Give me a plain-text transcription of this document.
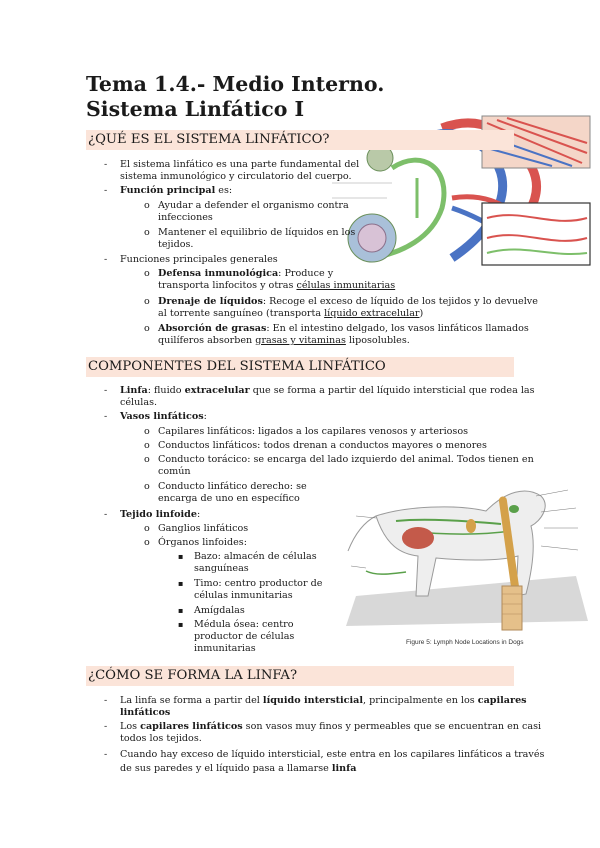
Tema 1.4.- Medio Interno. Sistema Linfático I
¿QUÉ ES EL SISTEMA LINFÁTICO?
- El sistema linfático es una parte fundamental del
sistema inmunológico y circulatorio del cuerpo.
- Función principal es:
o Ayudar a defender el organismo contra
infecciones
o Mantener el equilibrio de líquidos en los
tejidos.
- Funciones principales generales
o Defensa inmunológica: Produce y
transporta linfocitos y otras células inmunitarias
o Drenaje de líquidos: Recoge el exceso de líquido de los tejidos y lo devuelve
al torrente sanguíneo (transporta líquido extracelular)
o Absorción de grasas: En el intestino delgado, los vasos linfáticos llamados
quilíferos absorben grasas y vitaminas liposolubles.
COMPONENTES DEL SISTEMA LINFÁTICO
- Linfa: fluido extracelular que se forma a partir del líquido intersticial que rodea las
células.
- Vasos linfáticos:
o Capilares linfáticos: ligados a los capilares venosos y arteriosos
o Conductos linfáticos: todos drenan a conductos mayores o menores
o Conducto torácico: se encarga del lado izquierdo del animal. Todos tienen en
común
o Conducto linfático derecho: se
encarga de uno en específico
- Tejido linfoide:
o Ganglios linfáticos
o Órganos linfoides:
▪ Bazo: almacén de células
sanguíneas
▪ Timo: centro productor de
células inmunitarias
▪ Amígdalas
▪ Médula ósea: centro
productor de células
inmunitarias
Figure 5: Lymph Node Locations in Dogs
¿CÓMO SE FORMA LA LINFA?
- La linfa se forma a partir del líquido intersticial, principalmente en los capilares
linfáticos
- Los capilares linfáticos son vasos muy finos y permeables que se encuentran en casi
todos los tejidos.
- Cuando hay exceso de líquido intersticial, este entra en los capilares linfáticos a través
de sus paredes y el líquido pasa a llamarse linfa
